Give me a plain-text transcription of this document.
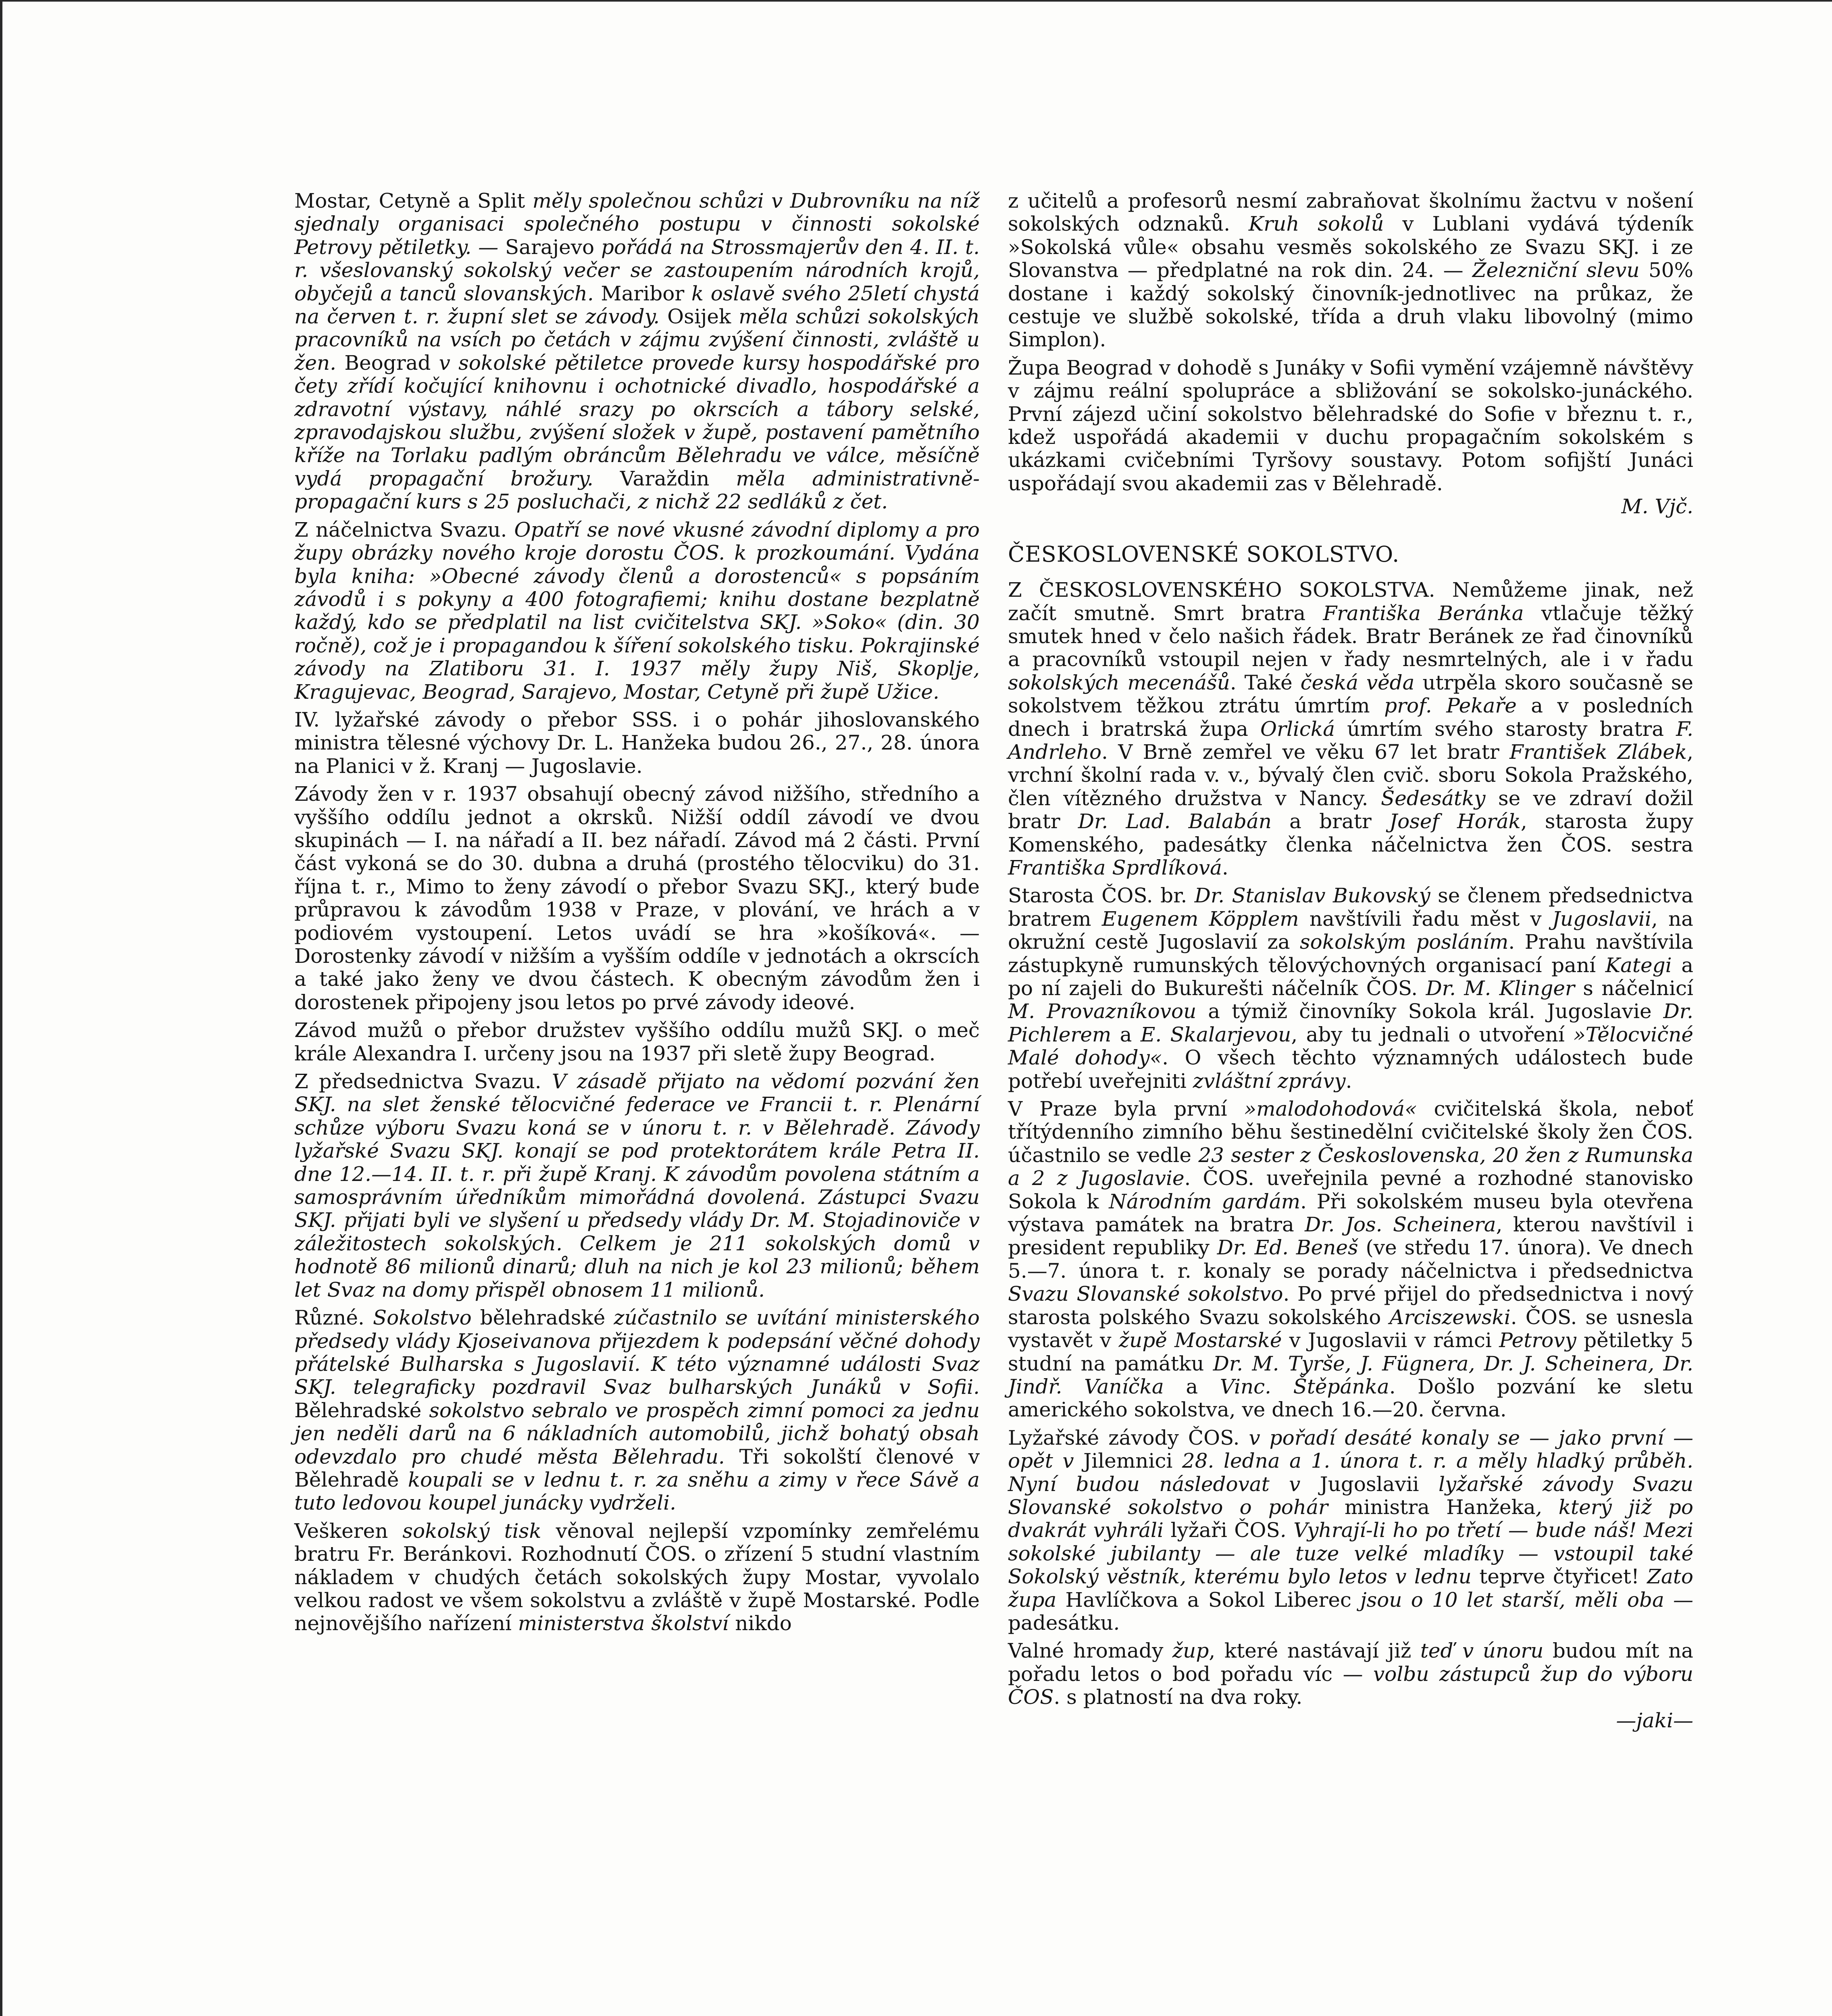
Mostar, Cetyně a Split měly společnou schůzi v Dubrovníku na níž sjednaly organisaci společného postupu v činnosti sokolské Petrovy pětiletky. — Sarajevo pořádá na Strossmajerův den 4. II. t. r. všeslovanský sokolský večer se zastoupením národních krojů, obyčejů a tanců slovanských. Maribor k oslavě svého 25letí chystá na červen t. r. župní slet se závody. Osijek měla schůzi sokolských pracovníků na vsích po četách v zájmu zvýšení činnosti, zvláště u žen. Beograd v sokolské pětiletce provede kursy hospodářské pro čety zřídí kočující knihovnu i ochotnické divadlo, hospodářské a zdravotní výstavy, náhlé srazy po okrscích a tábory selské, zpravodajskou službu, zvýšení složek v župě, postavení pamětního kříže na Torlaku padlým obráncům Bělehradu ve válce, měsíčně vydá propagační brožury. Varaždin měla administrativně-propagační kurs s 25 posluchači, z nichž 22 sedláků z čet.

Z náčelnictva Svazu. Opatří se nové vkusné závodní diplomy a pro župy obrázky nového kroje dorostu ČOS. k prozkoumání. Vydána byla kniha: »Obecné závody členů a dorostenců« s popsáním závodů i s pokyny a 400 fotografiemi; knihu dostane bezplatně každý, kdo se předplatil na list cvičitelstva SKJ. »Soko« (din. 30 ročně), což je i propagandou k šíření sokolského tisku. Pokrajinské závody na Zlatiboru 31. I. 1937 měly župy Niš, Skoplje, Kragujevac, Beograd, Sarajevo, Mostar, Cetyně při župě Užice.

IV. lyžařské závody o přebor SSS. i o pohár jihoslovanského ministra tělesné výchovy Dr. L. Hanžeka budou 26., 27., 28. února na Planici v ž. Kranj — Jugoslavie.

Závody žen v r. 1937 obsahují obecný závod nižšího, středního a vyššího oddílu jednot a okrsků. Nižší oddíl závodí ve dvou skupinách — I. na nářadí a II. bez nářadí. Závod má 2 části. První část vykoná se do 30. dubna a druhá (prostého tělocviku) do 31. října t. r., Mimo to ženy závodí o přebor Svazu SKJ., který bude průpravou k závodům 1938 v Praze, v plování, ve hrách a v podiovém vystoupení. Letos uvádí se hra »košíková«. — Dorostenky závodí v nižším a vyšším oddíle v jednotách a okrscích a také jako ženy ve dvou částech. K obecným závodům žen i dorostenek připojeny jsou letos po prvé závody ideové.

Závod mužů o přebor družstev vyššího oddílu mužů SKJ. o meč krále Alexandra I. určeny jsou na 1937 při sletě župy Beograd.

Z předsednictva Svazu. V zásadě přijato na vědomí pozvání žen SKJ. na slet ženské tělocvičné federace ve Francii t. r. Plenární schůze výboru Svazu koná se v únoru t. r. v Bělehradě. Závody lyžařské Svazu SKJ. konají se pod protektorátem krále Petra II. dne 12.—14. II. t. r. při župě Kranj. K závodům povolena státním a samosprávním úředníkům mimořádná dovolená. Zástupci Svazu SKJ. přijati byli ve slyšení u předsedy vlády Dr. M. Stojadinoviče v záležitostech sokolských. Celkem je 211 sokolských domů v hodnotě 86 milionů dinarů; dluh na nich je kol 23 milionů; během let Svaz na domy přispěl obnosem 11 milionů.

Různé. Sokolstvo bělehradské zúčastnilo se uvítání ministerského předsedy vlády Kjoseivanova přijezdem k podepsání věčné dohody přátelské Bulharska s Jugoslavií. K této významné události Svaz SKJ. telegraficky pozdravil Svaz bulharských Junáků v Sofii. Bělehradské sokolstvo sebralo ve prospěch zimní pomoci za jednu jen neděli darů na 6 nákladních automobilů, jichž bohatý obsah odevzdalo pro chudé města Bělehradu. Tři sokolští členové v Bělehradě koupali se v lednu t. r. za sněhu a zimy v řece Sávě a tuto ledovou koupel junácky vydrželi.

Veškeren sokolský tisk věnoval nejlepší vzpomínky zemřelému bratru Fr. Beránkovi. Rozhodnutí ČOS. o zřízení 5 studní vlastním nákladem v chudých četách sokolských župy Mostar, vyvolalo velkou radost ve všem sokolstvu a zvláště v župě Mostarské. Podle nejnovějšího nařízení ministerstva školství nikdo

z učitelů a profesorů nesmí zabraňovat školnímu žactvu v nošení sokolských odznaků. Kruh sokolů v Lublani vydává týdeník »Sokolská vůle« obsahu vesměs sokolského ze Svazu SKJ. i ze Slovanstva — předplatné na rok din. 24. — Železniční slevu 50% dostane i každý sokolský činovník-jednotlivec na průkaz, že cestuje ve službě sokolské, třída a druh vlaku libovolný (mimo Simplon).

Župa Beograd v dohodě s Junáky v Sofii vymění vzájemně návštěvy v zájmu reální spolupráce a sbližování se sokolsko-junáckého. První zájezd učiní sokolstvo bělehradské do Sofie v březnu t. r., kdež uspořádá akademii v duchu propagačním sokolském s ukázkami cvičebními Tyršovy soustavy. Potom sofijští Junáci uspořádají svou akademii zas v Bělehradě.

M. Vjč.

ČESKOSLOVENSKÉ SOKOLSTVO.

Z ČESKOSLOVENSKÉHO SOKOLSTVA. Nemůžeme jinak, než začít smutně. Smrt bratra Františka Beránka vtlačuje těžký smutek hned v čelo našich řádek. Bratr Beránek ze řad činovníků a pracovníků vstoupil nejen v řady nesmrtelných, ale i v řadu sokolských mecenášů. Také česká věda utrpěla skoro současně se sokolstvem těžkou ztrátu úmrtím prof. Pekaře a v posledních dnech i bratrská župa Orlická úmrtím svého starosty bratra F. Andrleho. V Brně zemřel ve věku 67 let bratr František Zlábek, vrchní školní rada v. v., bývalý člen cvič. sboru Sokola Pražského, člen vítězného družstva v Nancy. Šedesátky se ve zdraví dožil bratr Dr. Lad. Balabán a bratr Josef Horák, starosta župy Komenského, padesátky členka náčelnictva žen ČOS. sestra Františka Sprdlíková.

Starosta ČOS. br. Dr. Stanislav Bukovský se členem předsednictva bratrem Eugenem Köpplem navštívili řadu měst v Jugoslavii, na okružní cestě Jugoslavií za sokolským posláním. Prahu navštívila zástupkyně rumunských tělovýchovných organisací paní Kategi a po ní zajeli do Bukurešti náčelník ČOS. Dr. M. Klinger s náčelnicí M. Provazníkovou a týmiž činovníky Sokola král. Jugoslavie Dr. Pichlerem a E. Skalarjevou, aby tu jednali o utvoření »Tělocvičné Malé dohody«. O všech těchto významných událostech bude potřebí uveřejniti zvláštní zprávy.

V Praze byla první »malodohodová« cvičitelská škola, neboť třítýdenního zimního běhu šestinedělní cvičitelské školy žen ČOS. účastnilo se vedle 23 sester z Československa, 20 žen z Rumunska a 2 z Jugoslavie. ČOS. uveřejnila pevné a rozhodné stanovisko Sokola k Národním gardám. Při sokolském museu byla otevřena výstava památek na bratra Dr. Jos. Scheinera, kterou navštívil i president republiky Dr. Ed. Beneš (ve středu 17. února). Ve dnech 5.—7. února t. r. konaly se porady náčelnictva i předsednictva Svazu Slovanské sokolstvo. Po prvé přijel do předsednictva i nový starosta polského Svazu sokolského Arciszewski. ČOS. se usnesla vystavět v župě Mostarské v Jugoslavii v rámci Petrovy pětiletky 5 studní na památku Dr. M. Tyrše, J. Fügnera, Dr. J. Scheinera, Dr. Jindř. Vaníčka a Vinc. Štěpánka. Došlo pozvání ke sletu amerického sokolstva, ve dnech 16.—20. června.

Lyžařské závody ČOS. v pořadí desáté konaly se — jako první — opět v Jilemnici 28. ledna a 1. února t. r. a měly hladký průběh. Nyní budou následovat v Jugoslavii lyžařské závody Svazu Slovanské sokolstvo o pohár ministra Hanžeka, který již po dvakrát vyhráli lyžaři ČOS. Vyhrají-li ho po třetí — bude náš! Mezi sokolské jubilanty — ale tuze velké mladíky — vstoupil také Sokolský věstník, kterému bylo letos v lednu teprve čtyřicet! Zato župa Havlíčkova a Sokol Liberec jsou o 10 let starší, měli oba — padesátku.

Valné hromady žup, které nastávají již teď v únoru budou mít na pořadu letos o bod pořadu víc — volbu zástupců žup do výboru ČOS. s platností na dva roky.

—jaki—
